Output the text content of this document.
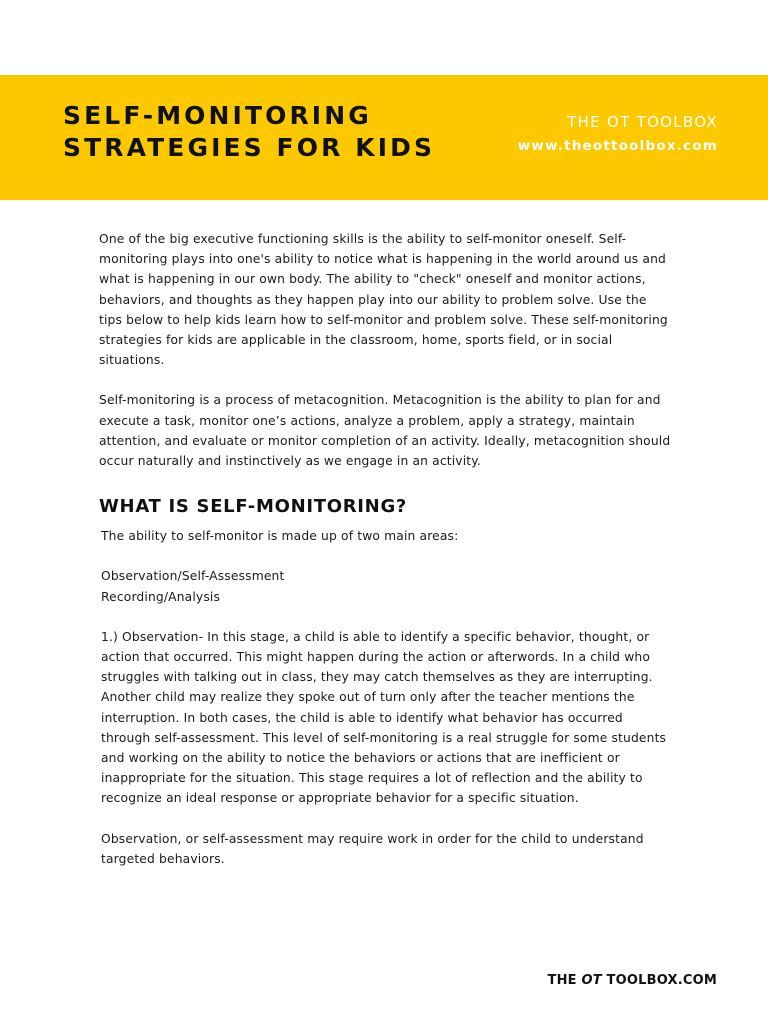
SELF-MONITORING
STRATEGIES FOR KIDS
THE OT TOOLBOX
www.theottoolbox.com

One of the big executive functioning skills is the ability to self-monitor oneself. Self-monitoring plays into one's ability to notice what is happening in the world around us and what is happening in our own body. The ability to "check" oneself and monitor actions, behaviors, and thoughts as they happen play into our ability to problem solve. Use the tips below to help kids learn how to self-monitor and problem solve. These self-monitoring strategies for kids are applicable in the classroom, home, sports field, or in social situations.

Self-monitoring is a process of metacognition. Metacognition is the ability to plan for and execute a task, monitor one’s actions, analyze a problem, apply a strategy, maintain attention, and evaluate or monitor completion of an activity. Ideally, metacognition should occur naturally and instinctively as we engage in an activity.

WHAT IS SELF-MONITORING?

The ability to self-monitor is made up of two main areas:

Observation/Self-Assessment
Recording/Analysis

1.) Observation- In this stage, a child is able to identify a specific behavior, thought, or action that occurred. This might happen during the action or afterwords. In a child who struggles with talking out in class, they may catch themselves as they are interrupting. Another child may realize they spoke out of turn only after the teacher mentions the interruption. In both cases, the child is able to identify what behavior has occurred through self-assessment. This level of self-monitoring is a real struggle for some students and working on the ability to notice the behaviors or actions that are inefficient or inappropriate for the situation. This stage requires a lot of reflection and the ability to recognize an ideal response or appropriate behavior for a specific situation.

Observation, or self-assessment may require work in order for the child to understand targeted behaviors.

THE OT TOOLBOX.COM
